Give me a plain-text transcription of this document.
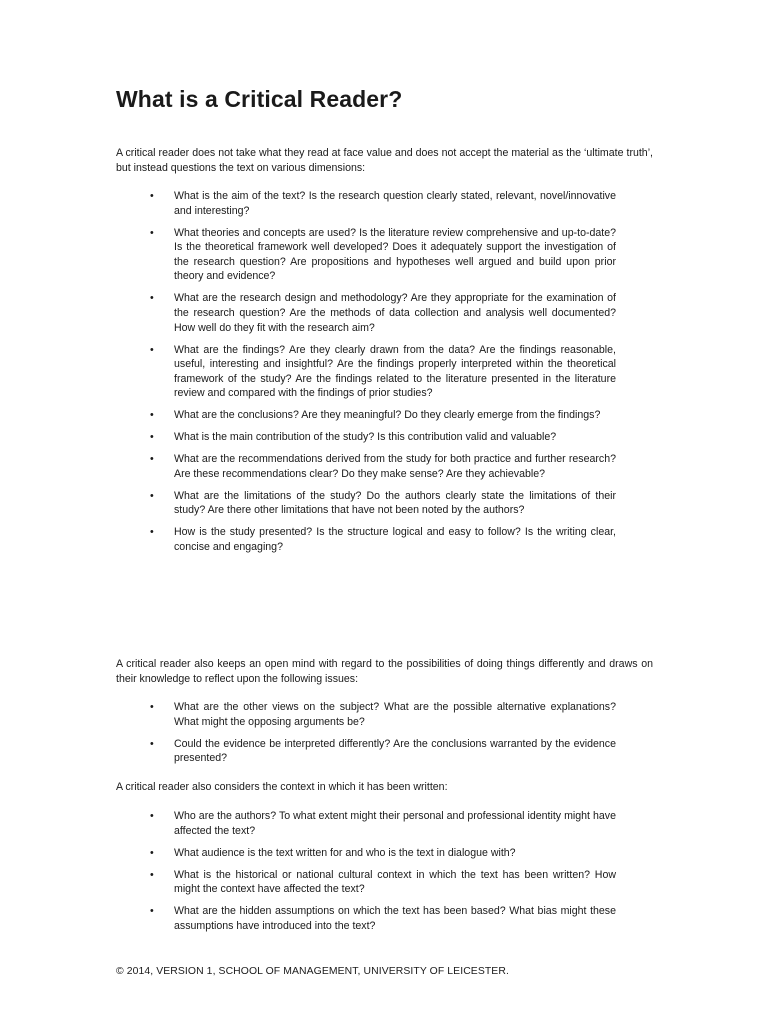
What is a Critical Reader?

A critical reader does not take what they read at face value and does not accept the material as the ‘ultimate truth’, but instead questions the text on various dimensions:

• What is the aim of the text? Is the research question clearly stated, relevant, novel/innovative and interesting?
• What theories and concepts are used? Is the literature review comprehensive and up-to-date? Is the theoretical framework well developed? Does it adequately support the investigation of the research question? Are propositions and hypotheses well argued and build upon prior theory and evidence?
• What are the research design and methodology? Are they appropriate for the examination of the research question? Are the methods of data collection and analysis well documented? How well do they fit with the research aim?
• What are the findings? Are they clearly drawn from the data? Are the findings reasonable, useful, interesting and insightful? Are the findings properly interpreted within the theoretical framework of the study? Are the findings related to the literature presented in the literature review and compared with the findings of prior studies?
• What are the conclusions? Are they meaningful? Do they clearly emerge from the findings?
• What is the main contribution of the study? Is this contribution valid and valuable?
• What are the recommendations derived from the study for both practice and further research? Are these recommendations clear? Do they make sense? Are they achievable?
• What are the limitations of the study? Do the authors clearly state the limitations of their study? Are there other limitations that have not been noted by the authors?
• How is the study presented? Is the structure logical and easy to follow? Is the writing clear, concise and engaging?

A critical reader also keeps an open mind with regard to the possibilities of doing things differently and draws on their knowledge to reflect upon the following issues:

• What are the other views on the subject? What are the possible alternative explanations? What might the opposing arguments be?
• Could the evidence be interpreted differently? Are the conclusions warranted by the evidence presented?

A critical reader also considers the context in which it has been written:

• Who are the authors? To what extent might their personal and professional identity might have affected the text?
• What audience is the text written for and who is the text in dialogue with?
• What is the historical or national cultural context in which the text has been written? How might the context have affected the text?
• What are the hidden assumptions on which the text has been based? What bias might these assumptions have introduced into the text?

© 2014, VERSION 1, SCHOOL OF MANAGEMENT, UNIVERSITY OF LEICESTER.
